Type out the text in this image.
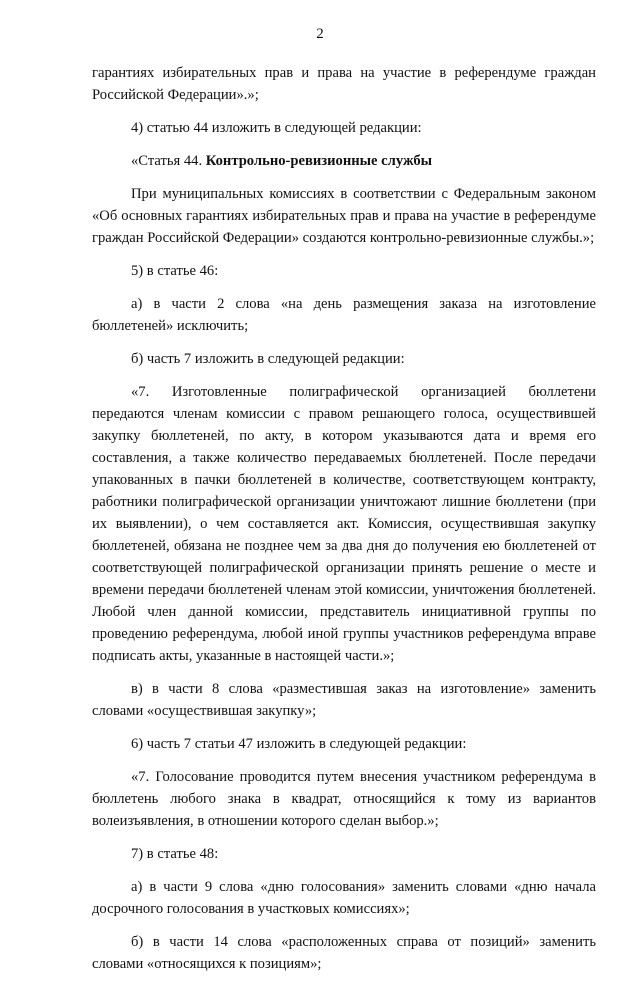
2

гарантиях избирательных прав и права на участие в референдуме граждан Российской Федерации».»;

4) статью 44 изложить в следующей редакции:

«Статья 44. Контрольно-ревизионные службы

При муниципальных комиссиях в соответствии с Федеральным законом «Об основных гарантиях избирательных прав и права на участие в референдуме граждан Российской Федерации» создаются контрольно-ревизионные службы.»;

5) в статье 46:

а) в части 2 слова «на день размещения заказа на изготовление бюллетеней» исключить;

б) часть 7 изложить в следующей редакции:

«7. Изготовленные полиграфической организацией бюллетени передаются членам комиссии с правом решающего голоса, осуществившей закупку бюллетеней, по акту, в котором указываются дата и время его составления, а также количество передаваемых бюллетеней. После передачи упакованных в пачки бюллетеней в количестве, соответствующем контракту, работники полиграфической организации уничтожают лишние бюллетени (при их выявлении), о чем составляется акт. Комиссия, осуществившая закупку бюллетеней, обязана не позднее чем за два дня до получения ею бюллетеней от соответствующей полиграфической организации принять решение о месте и времени передачи бюллетеней членам этой комиссии, уничтожения бюллетеней. Любой член данной комиссии, представитель инициативной группы по проведению референдума, любой иной группы участников референдума вправе подписать акты, указанные в настоящей части.»;

в) в части 8 слова «разместившая заказ на изготовление» заменить словами «осуществившая закупку»;

6) часть 7 статьи 47 изложить в следующей редакции:

«7. Голосование проводится путем внесения участником референдума в бюллетень любого знака в квадрат, относящийся к тому из вариантов волеизъявления, в отношении которого сделан выбор.»;

7) в статье 48:

а) в части 9 слова «дню голосования» заменить словами «дню начала досрочного голосования в участковых комиссиях»;

б) в части 14 слова «расположенных справа от позиций» заменить словами «относящихся к позициям»;
